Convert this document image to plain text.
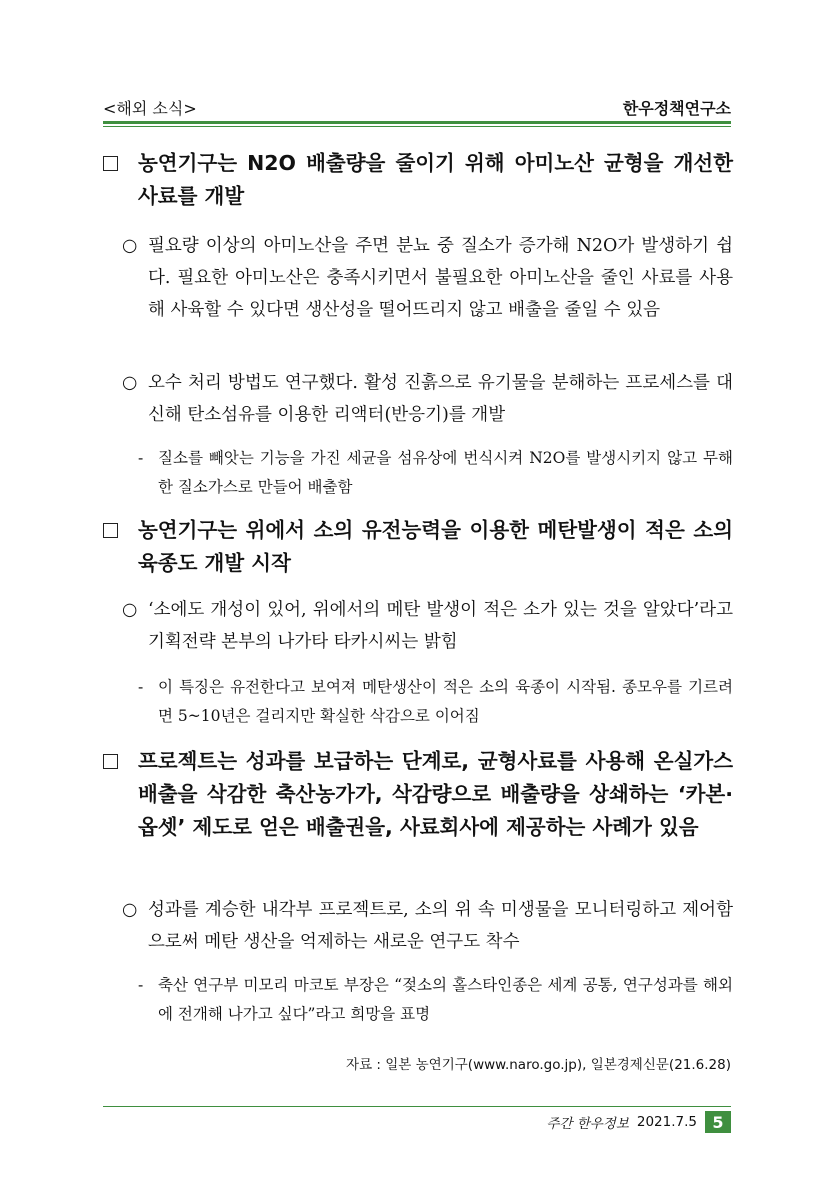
<해외 소식>	한우정책연구소
농연기구는 N2O 배출량을 줄이기 위해 아미노산 균형을 개선한 사료를 개발
○ 필요량 이상의 아미노산을 주면 분뇨 중 질소가 증가해 N2O가 발생하기 쉽다. 필요한 아미노산은 충족시키면서 불필요한 아미노산을 줄인 사료를 사용해 사육할 수 있다면 생산성을 떨어뜨리지 않고 배출을 줄일 수 있음
○ 오수 처리 방법도 연구했다. 활성 진흙으로 유기물을 분해하는 프로세스를 대신해 탄소섬유를 이용한 리액터(반응기)를 개발
- 질소를 빼앗는 기능을 가진 세균을 섬유상에 번식시켜 N2O를 발생시키지 않고 무해한 질소가스로 만들어 배출함
농연기구는 위에서 소의 유전능력을 이용한 메탄발생이 적은 소의 육종도 개발 시작
○ ‘소에도 개성이 있어, 위에서의 메탄 발생이 적은 소가 있는 것을 알았다’라고 기획전략 본부의 나가타 타카시씨는 밝힘
- 이 특징은 유전한다고 보여져 메탄생산이 적은 소의 육종이 시작됨. 종모우를 기르려면 5~10년은 걸리지만 확실한 삭감으로 이어짐
프로젝트는 성과를 보급하는 단계로, 균형사료를 사용해 온실가스 배출을 삭감한 축산농가가, 삭감량으로 배출량을 상쇄하는 ‘카본·옵셋’ 제도로 얻은 배출권을, 사료회사에 제공하는 사례가 있음
○ 성과를 계승한 내각부 프로젝트로, 소의 위 속 미생물을 모니터링하고 제어함으로써 메탄 생산을 억제하는 새로운 연구도 착수
- 축산 연구부 미모리 마코토 부장은 “젖소의 홀스타인종은 세계 공통, 연구성과를 해외에 전개해 나가고 싶다”라고 희망을 표명
자료 : 일본 농연기구(www.naro.go.jp), 일본경제신문(21.6.28)
주간 한우정보 2021.7.5 5
